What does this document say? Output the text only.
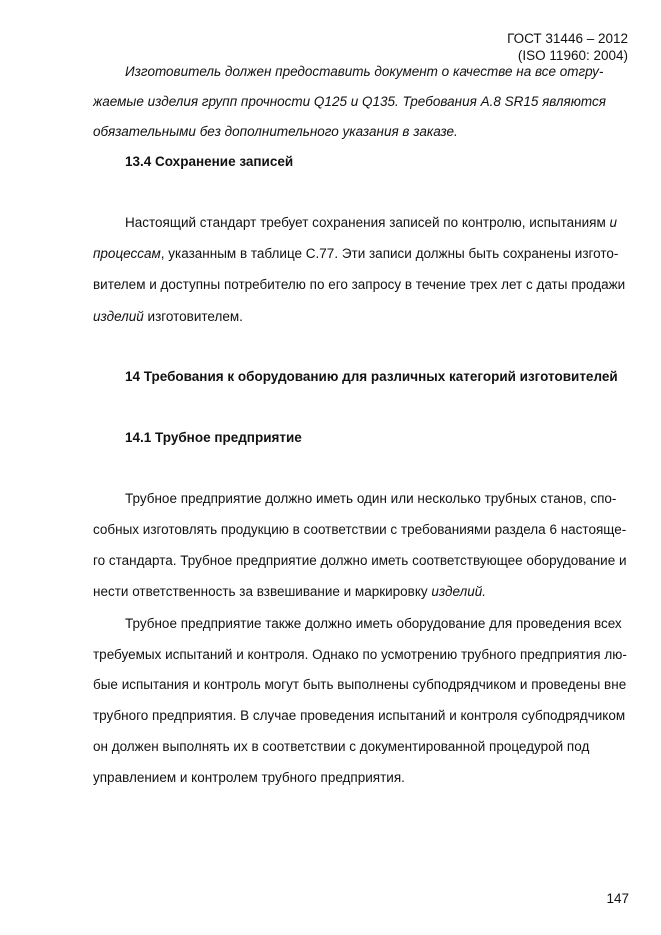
ГОСТ 31446 – 2012
(ISO 11960: 2004)
Изготовитель должен предоставить документ о качестве на все отгру-
жаемые изделия групп прочности Q125 и Q135. Требования A.8 SR15 являются
обязательными без дополнительного указания в заказе.
13.4 Сохранение записей
Настоящий стандарт требует сохранения записей по контролю, испытаниям и
процессам, указанным в таблице С.77. Эти записи должны быть сохранены изгото-
вителем и доступны потребителю по его запросу в течение трех лет с даты продажи
изделий изготовителем.
14 Требования к оборудованию для различных категорий изготовителей
14.1 Трубное предприятие
Трубное предприятие должно иметь один или несколько трубных станов, спо-
собных изготовлять продукцию в соответствии с требованиями раздела 6 настояще-
го стандарта. Трубное предприятие должно иметь соответствующее оборудование и
нести ответственность за взвешивание и маркировку изделий.
Трубное предприятие также должно иметь оборудование для проведения всех
требуемых испытаний и контроля. Однако по усмотрению трубного предприятия лю-
бые испытания и контроль могут быть выполнены субподрядчиком и проведены вне
трубного предприятия. В случае проведения испытаний и контроля субподрядчиком
он должен выполнять их в соответствии с документированной процедурой под
управлением и контролем трубного предприятия.
147
